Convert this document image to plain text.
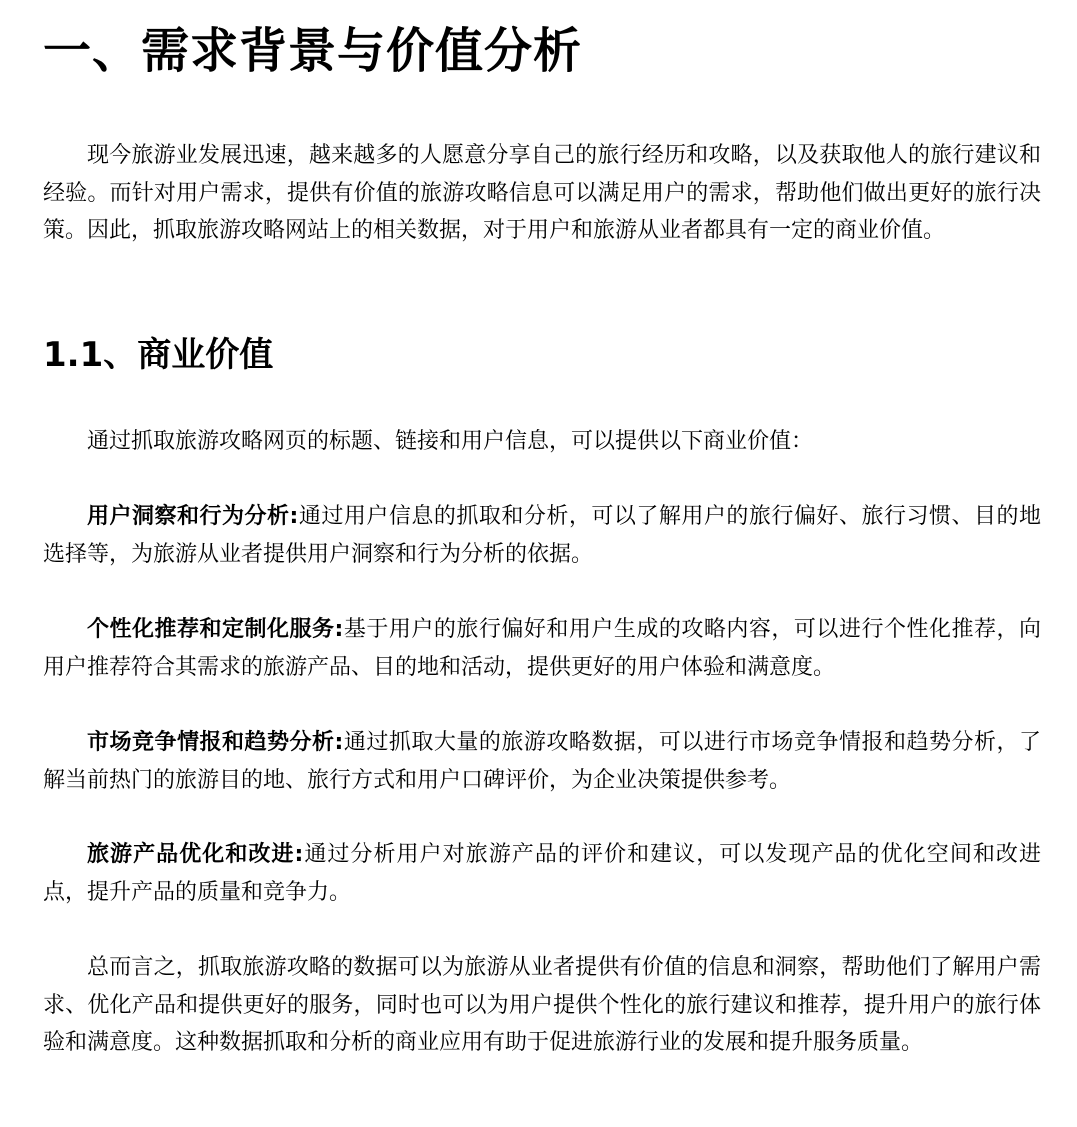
一、需求背景与价值分析

现今旅游业发展迅速，越来越多的人愿意分享自己的旅行经历和攻略，以及获取他人的旅行建议和经验。而针对用户需求，提供有价值的旅游攻略信息可以满足用户的需求，帮助他们做出更好的旅行决策。因此，抓取旅游攻略网站上的相关数据，对于用户和旅游从业者都具有一定的商业价值。

1.1、商业价值

通过抓取旅游攻略网页的标题、链接和用户信息，可以提供以下商业价值：

用户洞察和行为分析:通过用户信息的抓取和分析，可以了解用户的旅行偏好、旅行习惯、目的地选择等，为旅游从业者提供用户洞察和行为分析的依据。

个性化推荐和定制化服务:基于用户的旅行偏好和用户生成的攻略内容，可以进行个性化推荐，向用户推荐符合其需求的旅游产品、目的地和活动，提供更好的用户体验和满意度。

市场竞争情报和趋势分析:通过抓取大量的旅游攻略数据，可以进行市场竞争情报和趋势分析，了解当前热门的旅游目的地、旅行方式和用户口碑评价，为企业决策提供参考。

旅游产品优化和改进:通过分析用户对旅游产品的评价和建议，可以发现产品的优化空间和改进点，提升产品的质量和竞争力。

总而言之，抓取旅游攻略的数据可以为旅游从业者提供有价值的信息和洞察，帮助他们了解用户需求、优化产品和提供更好的服务，同时也可以为用户提供个性化的旅行建议和推荐，提升用户的旅行体验和满意度。这种数据抓取和分析的商业应用有助于促进旅游行业的发展和提升服务质量。
